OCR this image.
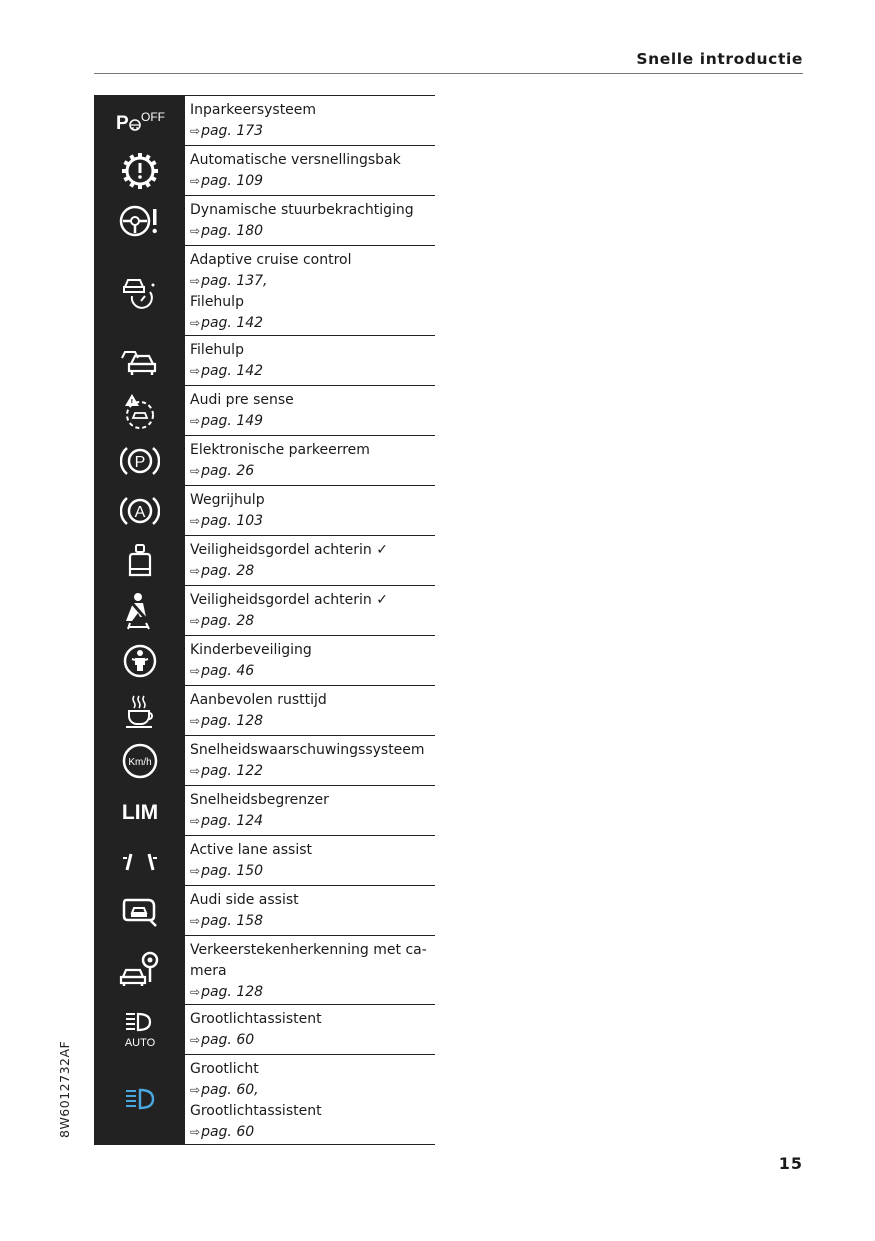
Snelle introductie
P OFF Inparkeersysteem
⇨pag. 173
Automatische versnellingsbak
⇨pag. 109
Dynamische stuurbekrachtiging
⇨pag. 180
Adaptive cruise control
⇨pag. 137,
Filehulp
⇨pag. 142
Filehulp
⇨pag. 142
!	Audi pre sense
⇨pag. 149
P
Elektronische parkeerrem
⇨pag. 26
A
Wegrijhulp
⇨pag. 103
Veiligheidsgordel achterin ✓
⇨pag. 28
Veiligheidsgordel achterin ✓
⇨pag. 28
Kinderbeveiliging
⇨pag. 46
Aanbevolen rusttijd
⇨pag. 128
Km/h
Snelheidswaarschuwingssysteem
⇨pag. 122
LIM
Snelheidsbegrenzer
⇨pag. 124
Active lane assist
⇨pag. 150
Audi side assist
⇨pag. 158
Verkeerstekenherkenning met ca-
mera
⇨pag. 128
AUTO
Grootlichtassistent
⇨pag. 60
Grootlicht
⇨pag. 60,
Grootlichtassistent
⇨pag. 60
8W6012732AF
15
